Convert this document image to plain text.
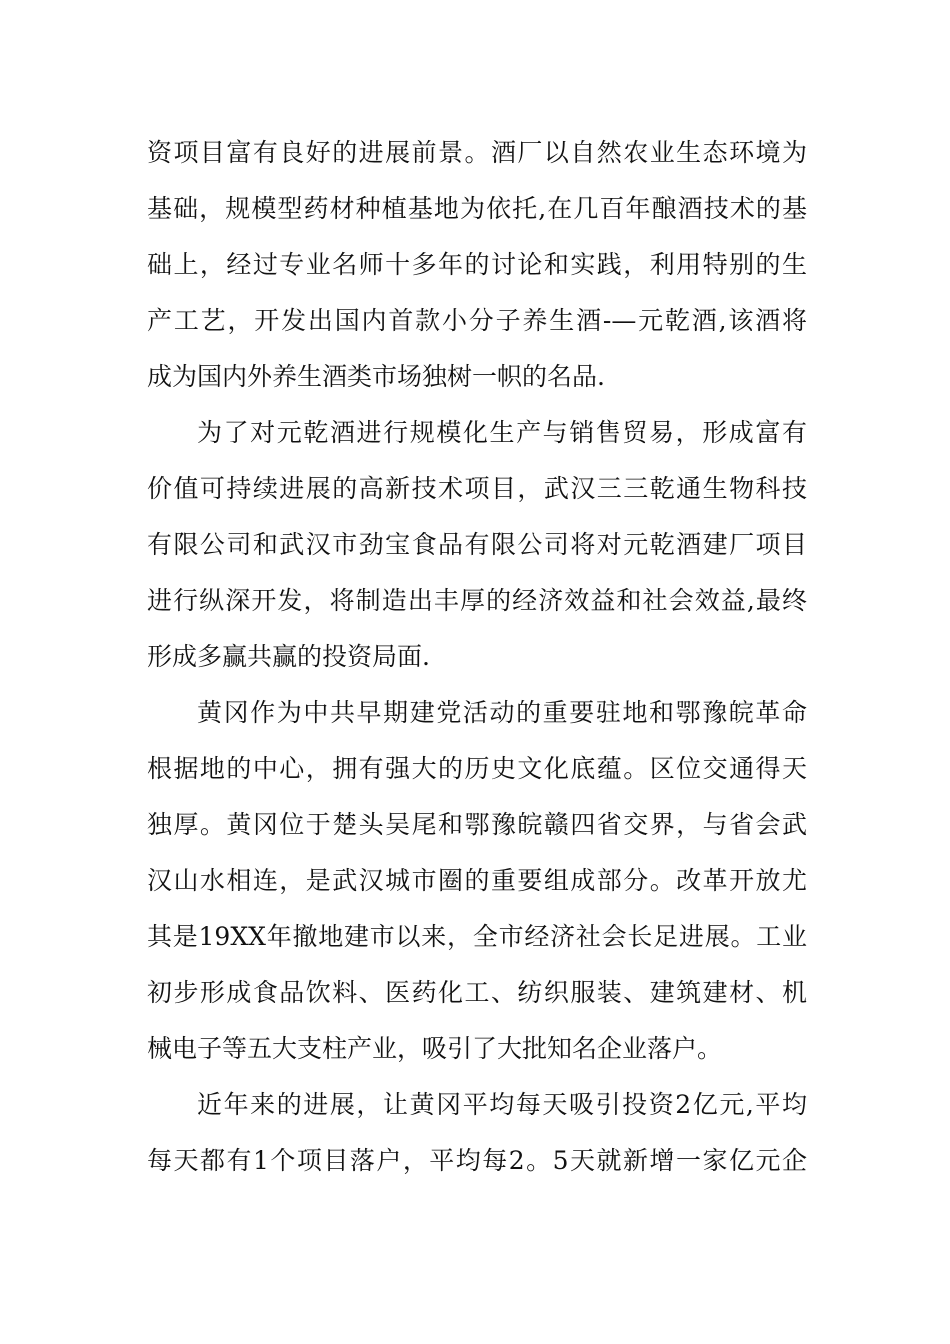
资项目富有良好的进展前景。酒厂以自然农业生态环境为
基础，规模型药材种植基地为依托,在几百年酿酒技术的基
础上，经过专业名师十多年的讨论和实践，利用特别的生
产工艺，开发出国内首款小分子养生酒-—元乾酒,该酒将
成为国内外养生酒类市场独树一帜的名品.
为了对元乾酒进行规模化生产与销售贸易，形成富有
价值可持续进展的高新技术项目，武汉三三乾通生物科技
有限公司和武汉市劲宝食品有限公司将对元乾酒建厂项目
进行纵深开发，将制造出丰厚的经济效益和社会效益,最终
形成多赢共赢的投资局面.
黄冈作为中共早期建党活动的重要驻地和鄂豫皖革命
根据地的中心，拥有强大的历史文化底蕴。区位交通得天
独厚。黄冈位于楚头吴尾和鄂豫皖赣四省交界，与省会武
汉山水相连，是武汉城市圈的重要组成部分。改革开放尤
其是19XX年撤地建市以来，全市经济社会长足进展。工业
初步形成食品饮料、医药化工、纺织服装、建筑建材、机
械电子等五大支柱产业，吸引了大批知名企业落户。
近年来的进展，让黄冈平均每天吸引投资2亿元,平均
每天都有1个项目落户，平均每2。5天就新增一家亿元企
